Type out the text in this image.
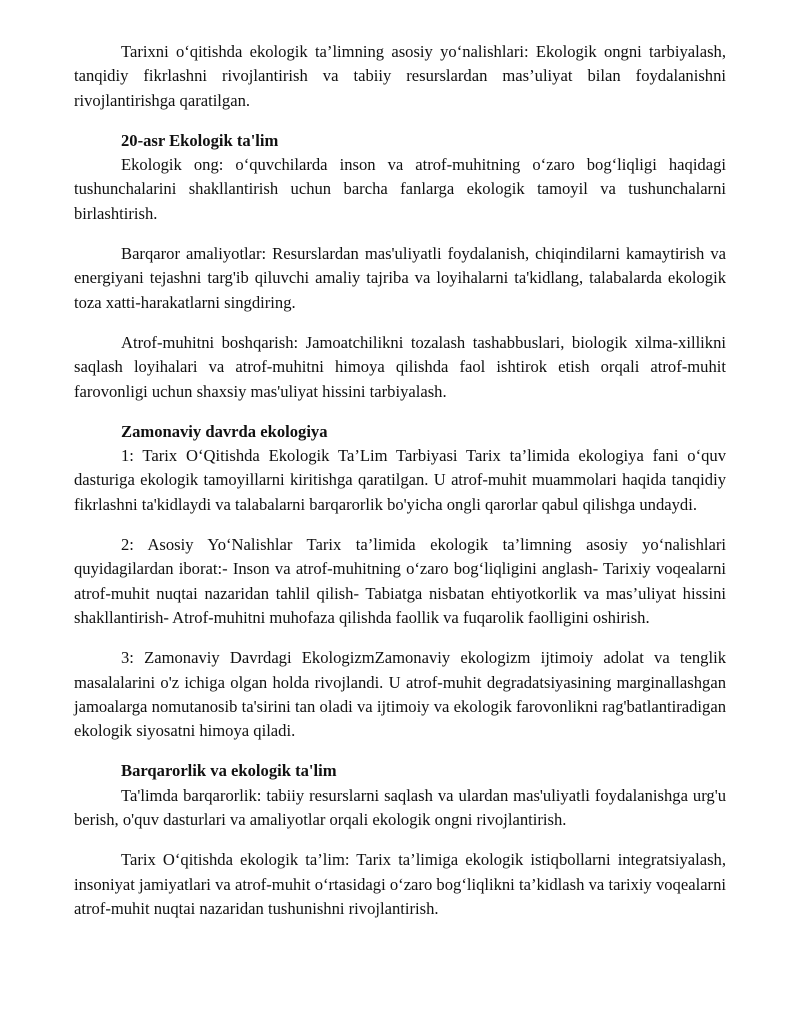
Tarixni o‘qitishda ekologik ta’limning asosiy yo‘nalishlari: Ekologik ongni tarbiyalash, tanqidiy fikrlashni rivojlantirish va tabiiy resurslardan mas’uliyat bilan foydalanishni rivojlantirishga qaratilgan.

20-asr Ekologik ta'lim

Ekologik ong: o‘quvchilarda inson va atrof-muhitning o‘zaro bog‘liqligi haqidagi tushunchalarini shakllantirish uchun barcha fanlarga ekologik tamoyil va tushunchalarni birlashtirish.

Barqaror amaliyotlar: Resurslardan mas'uliyatli foydalanish, chiqindilarni kamaytirish va energiyani tejashni targ'ib qiluvchi amaliy tajriba va loyihalarni ta'kidlang, talabalarda ekologik toza xatti-harakatlarni singdiring.

Atrof-muhitni boshqarish: Jamoatchilikni tozalash tashabbuslari, biologik xilma-xillikni saqlash loyihalari va atrof-muhitni himoya qilishda faol ishtirok etish orqali atrof-muhit farovonligi uchun shaxsiy mas'uliyat hissini tarbiyalash.

Zamonaviy davrda ekologiya

1: Tarix O‘Qitishda Ekologik Ta’Lim Tarbiyasi Tarix ta’limida ekologiya fani o‘quv dasturiga ekologik tamoyillarni kiritishga qaratilgan. U atrof-muhit muammolari haqida tanqidiy fikrlashni ta'kidlaydi va talabalarni barqarorlik bo'yicha ongli qarorlar qabul qilishga undaydi.

2: Asosiy Yo‘Nalishlar Tarix ta’limida ekologik ta’limning asosiy yo‘nalishlari quyidagilardan iborat:- Inson va atrof-muhitning o‘zaro bog‘liqligini anglash- Tarixiy voqealarni atrof-muhit nuqtai nazaridan tahlil qilish- Tabiatga nisbatan ehtiyotkorlik va mas’uliyat hissini shakllantirish- Atrof-muhitni muhofaza qilishda faollik va fuqarolik faolligini oshirish.

3: Zamonaviy Davrdagi EkologizmZamonaviy ekologizm ijtimoiy adolat va tenglik masalalarini o'z ichiga olgan holda rivojlandi. U atrof-muhit degradatsiyasining marginallashgan jamoalarga nomutanosib ta'sirini tan oladi va ijtimoiy va ekologik farovonlikni rag'batlantiradigan ekologik siyosatni himoya qiladi.

Barqarorlik va ekologik ta'lim

Ta'limda barqarorlik: tabiiy resurslarni saqlash va ulardan mas'uliyatli foydalanishga urg'u berish, o'quv dasturlari va amaliyotlar orqali ekologik ongni rivojlantirish.

Tarix O‘qitishda ekologik ta’lim: Tarix ta’limiga ekologik istiqbollarni integratsiyalash, insoniyat jamiyatlari va atrof-muhit o‘rtasidagi o‘zaro bog‘liqlikni ta’kidlash va tarixiy voqealarni atrof-muhit nuqtai nazaridan tushunishni rivojlantirish.
